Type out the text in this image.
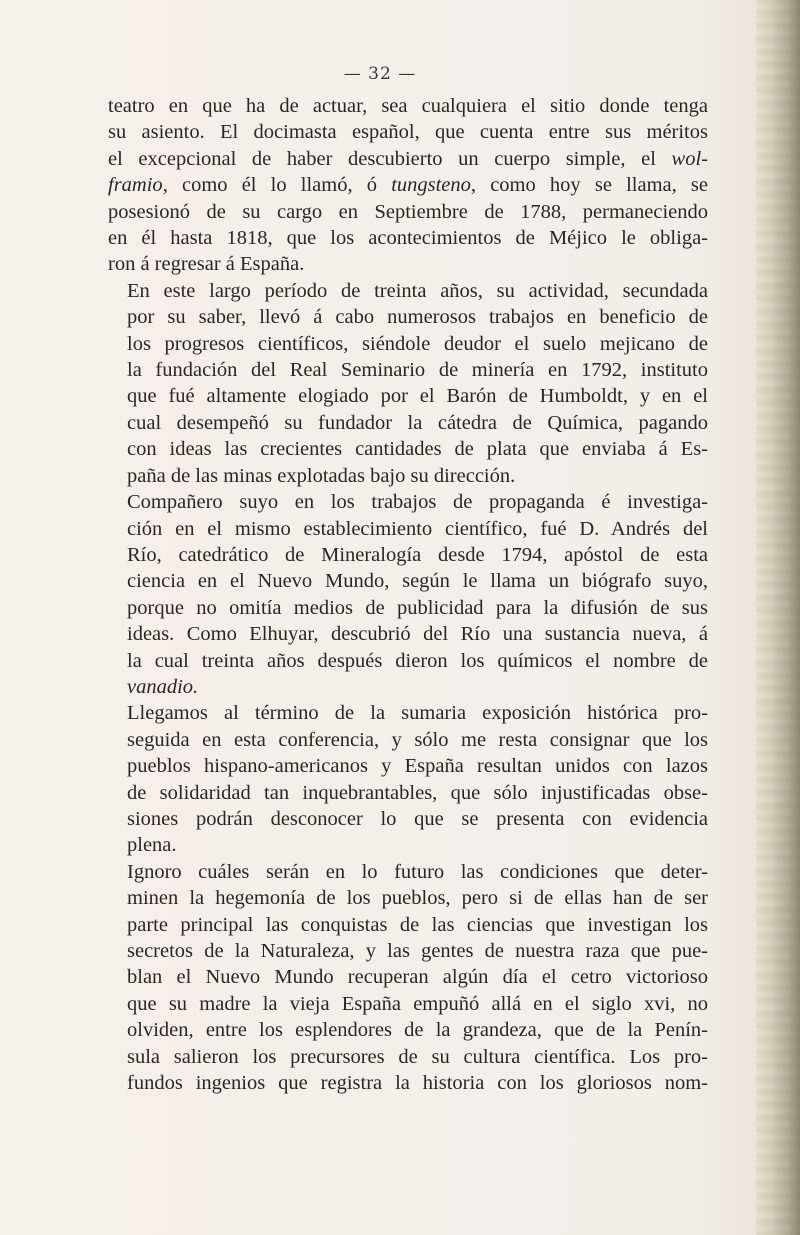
— 32 —

teatro en que ha de actuar, sea cualquiera el sitio donde tenga
su asiento. El docimasta español, que cuenta entre sus méritos
el excepcional de haber descubierto un cuerpo simple, el wol-
framio, como él lo llamó, ó tungsteno, como hoy se llama, se
posesionó de su cargo en Septiembre de 1788, permaneciendo
en él hasta 1818, que los acontecimientos de Méjico le obliga-
ron á regresar á España.

En este largo período de treinta años, su actividad, secundada
por su saber, llevó á cabo numerosos trabajos en beneficio de
los progresos científicos, siéndole deudor el suelo mejicano de
la fundación del Real Seminario de minería en 1792, instituto
que fué altamente elogiado por el Barón de Humboldt, y en el
cual desempeñó su fundador la cátedra de Química, pagando
con ideas las crecientes cantidades de plata que enviaba á Es-
paña de las minas explotadas bajo su dirección.

Compañero suyo en los trabajos de propaganda é investiga-
ción en el mismo establecimiento científico, fué D. Andrés del
Río, catedrático de Mineralogía desde 1794, apóstol de esta
ciencia en el Nuevo Mundo, según le llama un biógrafo suyo,
porque no omitía medios de publicidad para la difusión de sus
ideas. Como Elhuyar, descubrió del Río una sustancia nueva, á
la cual treinta años después dieron los químicos el nombre de
vanadio.

Llegamos al término de la sumaria exposición histórica pro-
seguida en esta conferencia, y sólo me resta consignar que los
pueblos hispano-americanos y España resultan unidos con lazos
de solidaridad tan inquebrantables, que sólo injustificadas obse-
siones podrán desconocer lo que se presenta con evidencia
plena.

Ignoro cuáles serán en lo futuro las condiciones que deter-
minen la hegemonía de los pueblos, pero si de ellas han de ser
parte principal las conquistas de las ciencias que investigan los
secretos de la Naturaleza, y las gentes de nuestra raza que pue-
blan el Nuevo Mundo recuperan algún día el cetro victorioso
que su madre la vieja España empuñó allá en el siglo xvi, no
olviden, entre los esplendores de la grandeza, que de la Penín-
sula salieron los precursores de su cultura científica. Los pro-
fundos ingenios que registra la historia con los gloriosos nom-
